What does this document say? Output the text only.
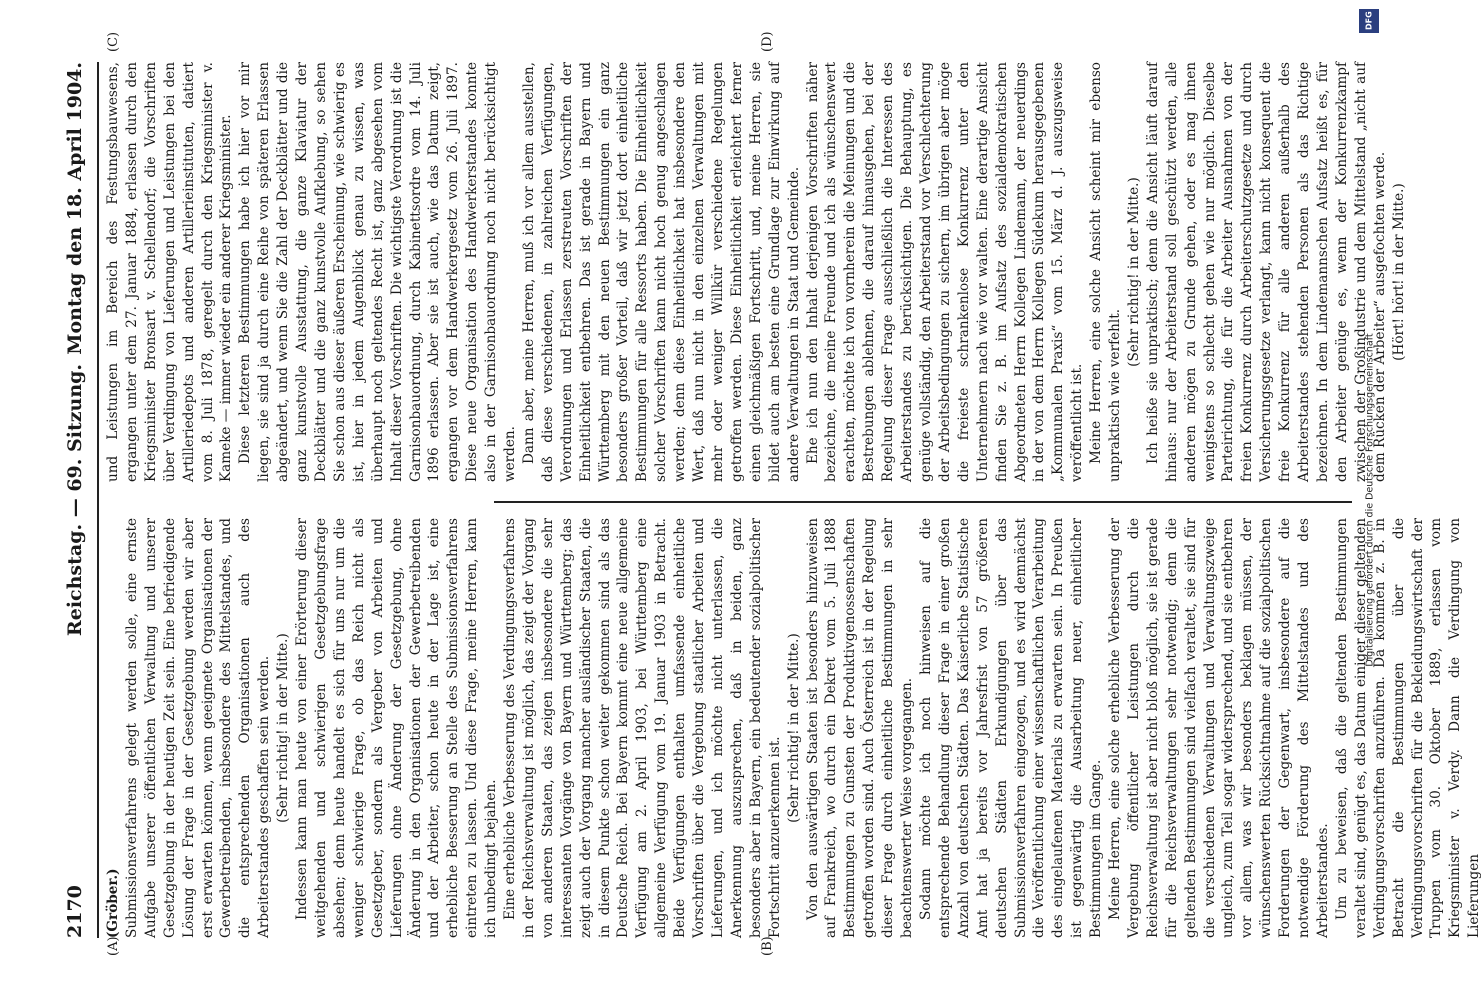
2170
Reichstag. — 69. Sitzung.
Montag den 18. April 1904.
(A)	(B)
(C)	(D)

(Gröber.) Submissionsverfahrens gelegt werden solle, eine ernste Aufgabe unserer öffentlichen Verwaltung und unserer Gesetzgebung in der heutigen Zeit sein. Eine befriedigende Lösung der Frage in der Gesetzgebung werden wir aber erst erwarten können, wenn geeignete Organisationen der Gewerbetreibenden, insbesondere des Mittelstandes, und die entsprechenden Organisationen auch des Arbeiterstandes geschaffen sein werden. (Sehr richtig! in der Mitte.) Indessen kann man heute von einer Erörterung dieser weitgehenden und schwierigen Gesetzgebungsfrage absehen; denn heute handelt es sich für uns nur um die weniger schwierige Frage, ob das Reich nicht als Gesetzgeber, sondern als Vergeber von Arbeiten und Lieferungen ohne Änderung der Gesetzgebung, ohne Änderung in den Organisationen der Gewerbetreibenden und der Arbeiter, schon heute in der Lage ist, eine erhebliche Besserung an Stelle des Submissionsverfahrens eintreten zu lassen. Und diese Frage, meine Herren, kann ich unbedingt bejahen. Eine erhebliche Verbesserung des Verdingungsverfahrens in der Reichsverwaltung ist möglich, das zeigt der Vorgang von anderen Staaten, das zeigen insbesondere die sehr interessanten Vorgänge von Bayern und Württemberg; das zeigt auch der Vorgang mancher ausländischer Staaten, die in diesem Punkte schon weiter gekommen sind als das Deutsche Reich. Bei Bayern kommt eine neue allgemeine Verfügung am 2. April 1903, bei Württemberg eine allgemeine Verfügung vom 19. Januar 1903 in Betracht. Beide Verfügungen enthalten umfassende einheitliche Vorschriften über die Vergebung staatlicher Arbeiten und Lieferungen, und ich möchte nicht unterlassen, die Anerkennung auszusprechen, daß in beiden, ganz besonders aber in Bayern, ein bedeutender sozialpolitischer Fortschritt anzuerkennen ist.

(Sehr richtig! in der Mitte.) Von den auswärtigen Staaten ist besonders hinzuweisen auf Frankreich, wo durch ein Dekret vom 5. Juli 1888 Bestimmungen zu Gunsten der Produktivgenossenschaften getroffen worden sind. Auch Österreich ist in der Regelung dieser Frage durch einheitliche Bestimmungen in sehr beachtenswerter Weise vorgegangen. Sodann möchte ich noch hinweisen auf die entsprechende Behandlung dieser Frage in einer großen Anzahl von deutschen Städten. Das Kaiserliche Statistische Amt hat ja bereits vor Jahresfrist von 57 größeren deutschen Städten Erkundigungen über das Submissionsverfahren eingezogen, und es wird demnächst die Veröffentlichung einer wissenschaftlichen Verarbeitung des eingelaufenen Materials zu erwarten sein. In Preußen ist gegenwärtig die Ausarbeitung neuer, einheitlicher Bestimmungen im Gange. Meine Herren, eine solche erhebliche Verbesserung der Vergebung öffentlicher Leistungen durch die Reichsverwaltung ist aber nicht bloß möglich, sie ist gerade für die Reichsverwaltungen sehr notwendig; denn die geltenden Bestimmungen sind vielfach veraltet, sie sind für die verschiedenen Verwaltungen und Verwaltungszweige ungleich, zum Teil sogar widersprechend, und sie entbehren vor allem, was wir besonders beklagen müssen, der wünschenswerten Rücksichtnahme auf die sozialpolitischen Forderungen der Gegenwart, insbesondere auf die notwendige Förderung des Mittelstandes und des Arbeiterstandes. Um zu beweisen, daß die geltenden Bestimmungen veraltet sind, genügt es, das Datum einiger dieser geltenden Verdingungsvorschriften anzuführen. Da kommen z. B. in Betracht die Bestimmungen über die Verdingungsvorschriften für die Bekleidungswirtschaft der Truppen vom 30. Oktober 1889, erlassen vom Kriegsminister v. Verdy. Dann die Verdingung von Lieferungen

und Leistungen im Bereich des Festungsbauwesens, ergangen unter dem 27. Januar 1884, erlassen durch den Kriegsminister Bronsart v. Schellendorf; die Vorschriften über Verdingung von Lieferungen und Leistungen bei den Artilleriedepots und anderen Artillerieinstituten, datiert vom 8. Juli 1878, geregelt durch den Kriegsminister v. Kameke — immer wieder ein anderer Kriegsminister. Diese letzteren Bestimmungen habe ich hier vor mir liegen, sie sind ja durch eine Reihe von späteren Erlassen abgeändert, und wenn Sie die Zahl der Deckblätter und die ganz kunstvolle Ausstattung, die ganze Klaviatur der Deckblätter und die ganz kunstvolle Aufklebung, so sehen Sie schon aus dieser äußeren Erscheinung, wie schwierig es ist, hier in jedem Augenblick genau zu wissen, was überhaupt noch geltendes Recht ist, ganz abgesehen vom Inhalt dieser Vorschriften. Die wichtigste Verordnung ist die Garnisonbauordnung, durch Kabinettsordre vom 14. Juli 1896 erlassen. Aber sie ist auch, wie das Datum zeigt, ergangen vor dem Handwerkergesetz vom 26. Juli 1897. Diese neue Organisation des Handwerkerstandes konnte also in der Garnisonbauordnung noch nicht berücksichtigt werden. Dann aber, meine Herren, muß ich vor allem ausstellen, daß diese verschiedenen, in zahlreichen Verfügungen, Verordnungen und Erlassen zerstreuten Vorschriften der Einheitlichkeit entbehren. Das ist gerade in Bayern und Württemberg mit den neuen Bestimmungen ein ganz besonders großer Vorteil, daß wir jetzt dort einheitliche Bestimmungen für alle Ressorts haben. Die Einheitlichkeit solcher Vorschriften kann nicht hoch genug angeschlagen werden; denn diese Einheitlichkeit hat insbesondere den Wert, daß nun nicht in den einzelnen Verwaltungen mit mehr oder weniger Willkür verschiedene Regelungen getroffen werden. Diese Einheitlichkeit erleichtert ferner einen gleichmäßigen Fortschritt, und, meine Herren, sie bildet auch am besten eine Grundlage zur Einwirkung auf andere Verwaltungen in Staat und Gemeinde. Ehe ich nun den Inhalt derjenigen Vorschriften näher bezeichne, die meine Freunde und ich als wünschenswert erachten, möchte ich von vornherein die Meinungen und die Bestrebungen ablehnen, die darauf hinausgehen, bei der Regelung dieser Frage ausschließlich die Interessen des Arbeiterstandes zu berücksichtigen. Die Behauptung, es genüge vollständig, den Arbeiterstand vor Verschlechterung der Arbeitsbedingungen zu sichern, im übrigen aber möge die freieste schrankenlose Konkurrenz unter den Unternehmern nach wie vor walten. Eine derartige Ansicht finden Sie z. B. im Aufsatz des sozialdemokratischen Abgeordneten Herrn Kollegen Lindemann, der neuerdings in der von dem Herrn Kollegen Südekum herausgegebenen „Kommunalen Praxis“ vom 15. März d. J. auszugsweise veröffentlicht ist. Meine Herren, eine solche Ansicht scheint mir ebenso unpraktisch wie verfehlt.

(Sehr richtig! in der Mitte.) Ich heiße sie unpraktisch; denn die Ansicht läuft darauf hinaus: nur der Arbeiterstand soll geschützt werden, alle anderen mögen zu Grunde gehen, oder es mag ihnen wenigstens so schlecht gehen wie nur möglich. Dieselbe Parteirichtung, die für die Arbeiter Ausnahmen von der freien Konkurrenz durch Arbeiterschutzgesetze und durch Versicherungsgesetze verlangt, kann nicht konsequent die freie Konkurrenz für alle anderen außerhalb des Arbeiterstandes stehenden Personen als das Richtige bezeichnen. In dem Lindemannschen Aufsatz heißt es, für den Arbeiter genüge es, wenn der Konkurrenzkampf zwischen der Großindustrie und dem Mittelstand „nicht auf dem Rücken der Arbeiter“ ausgefochten werde. (Hört! hört! in der Mitte.)

DFG
Digitalisierung gefördert durch die Deutsche Forschungsgemeinschaft
